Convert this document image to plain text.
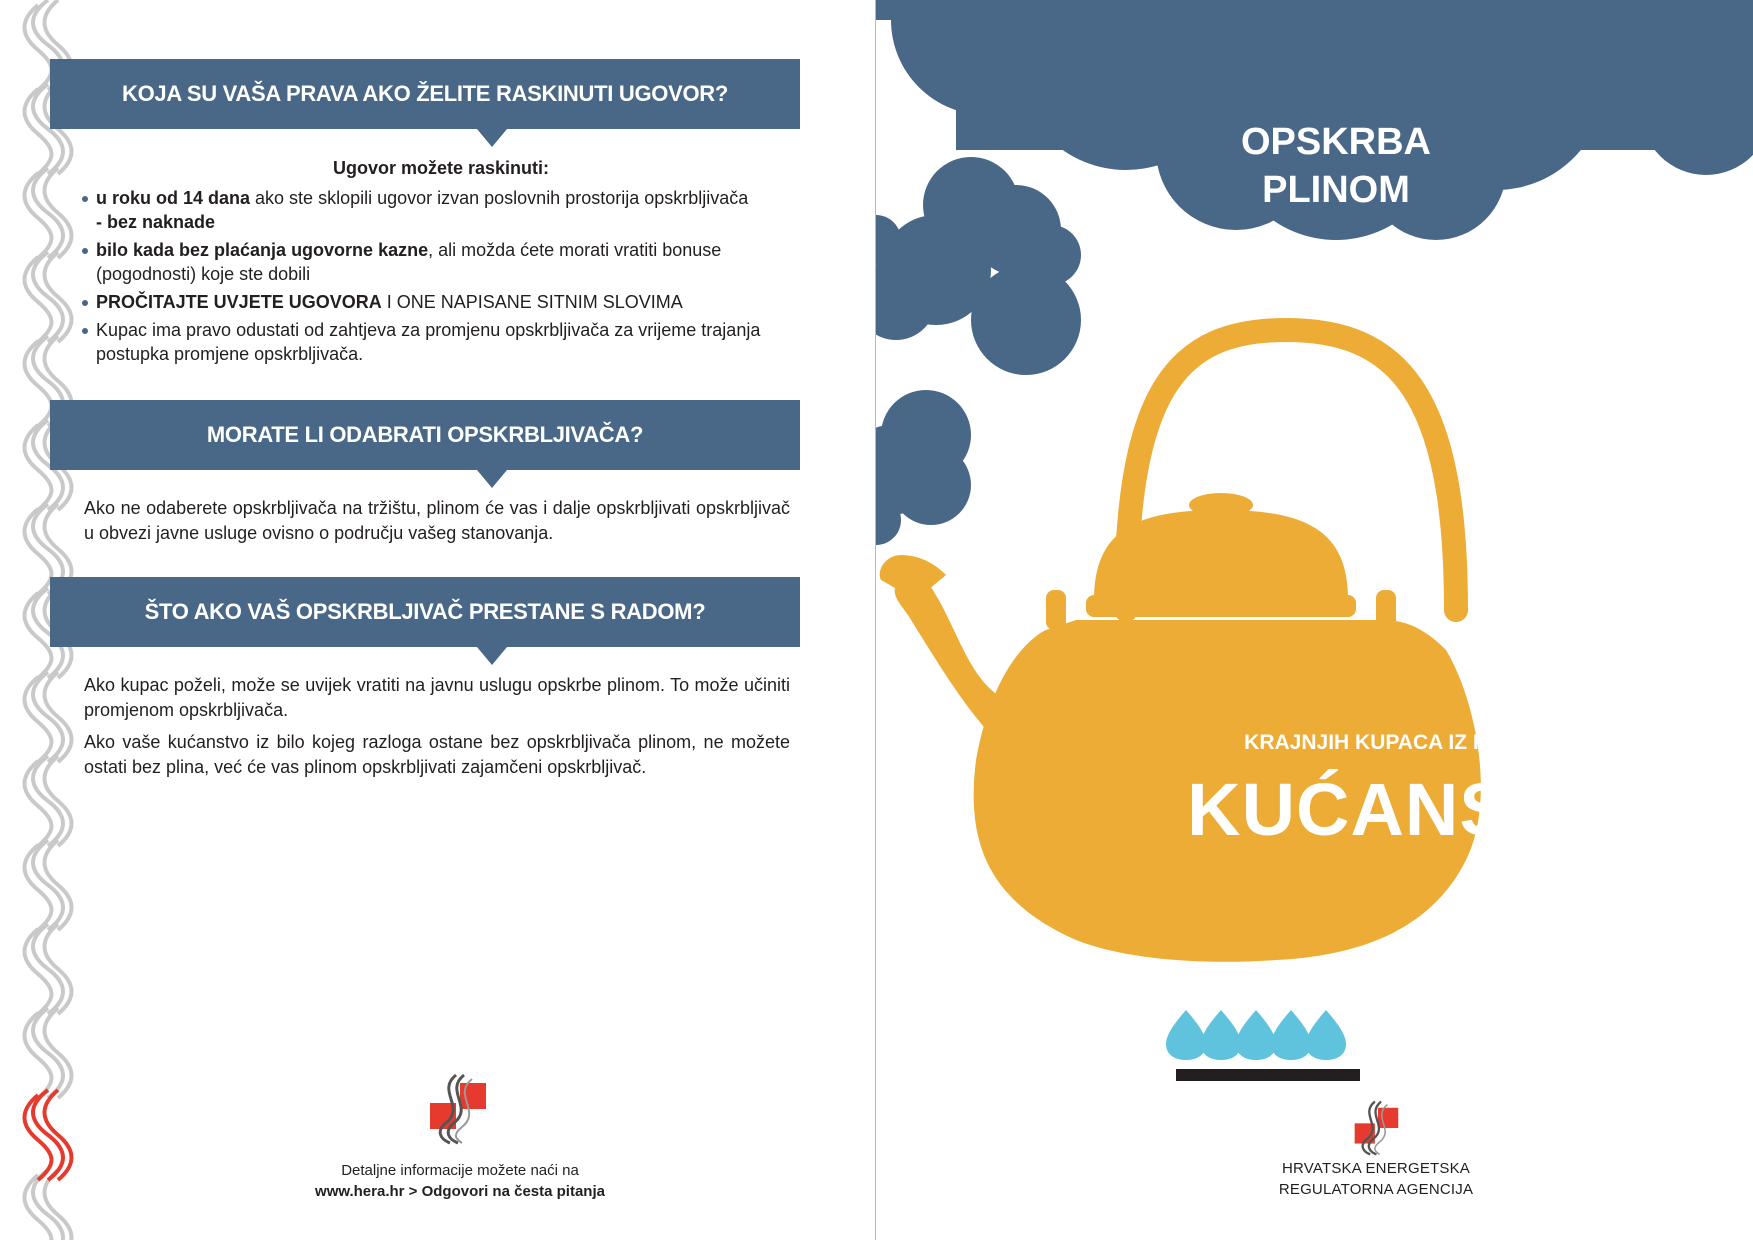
KOJA SU VAŠA PRAVA AKO ŽELITE RASKINUTI UGOVOR?
Ugovor možete raskinuti:
u roku od 14 dana ako ste sklopili ugovor izvan poslovnih prostorija opskrbljivača
- bez naknade
bilo kada bez plaćanja ugovorne kazne, ali možda ćete morati vratiti bonuse (pogodnosti) koje ste dobili
PROČITAJTE UVJETE UGOVORA I ONE NAPISANE SITNIM SLOVIMA
Kupac ima pravo odustati od zahtjeva za promjenu opskrbljivača za vrijeme trajanja postupka promjene opskrbljivača.
MORATE LI ODABRATI OPSKRBLJIVAČA?
Ako ne odaberete opskrbljivača na tržištu, plinom će vas i dalje opskrbljivati opskrbljivač u obvezi javne usluge ovisno o području vašeg stanovanja.
ŠTO AKO VAŠ OPSKRBLJIVAČ PRESTANE S RADOM?

Ako kupac poželi, može se uvijek vratiti na javnu uslugu opskrbe plinom. To može učiniti promjenom opskrbljivača.

Ako vaše kućanstvo iz bilo kojeg razloga ostane bez opskrbljivača plinom, ne možete ostati bez plina, već će vas plinom opskrbljivati zajamčeni opskrbljivač.

Detaljne informacije možete naći na
www.hera.hr > Odgovori na česta pitanja
OPSKRBA
PLINOM
KRAJNJIH KUPACA IZ KATEGORIJE
KUĆANSTVO
HRVATSKA ENERGETSKA
REGULATORNA AGENCIJA
